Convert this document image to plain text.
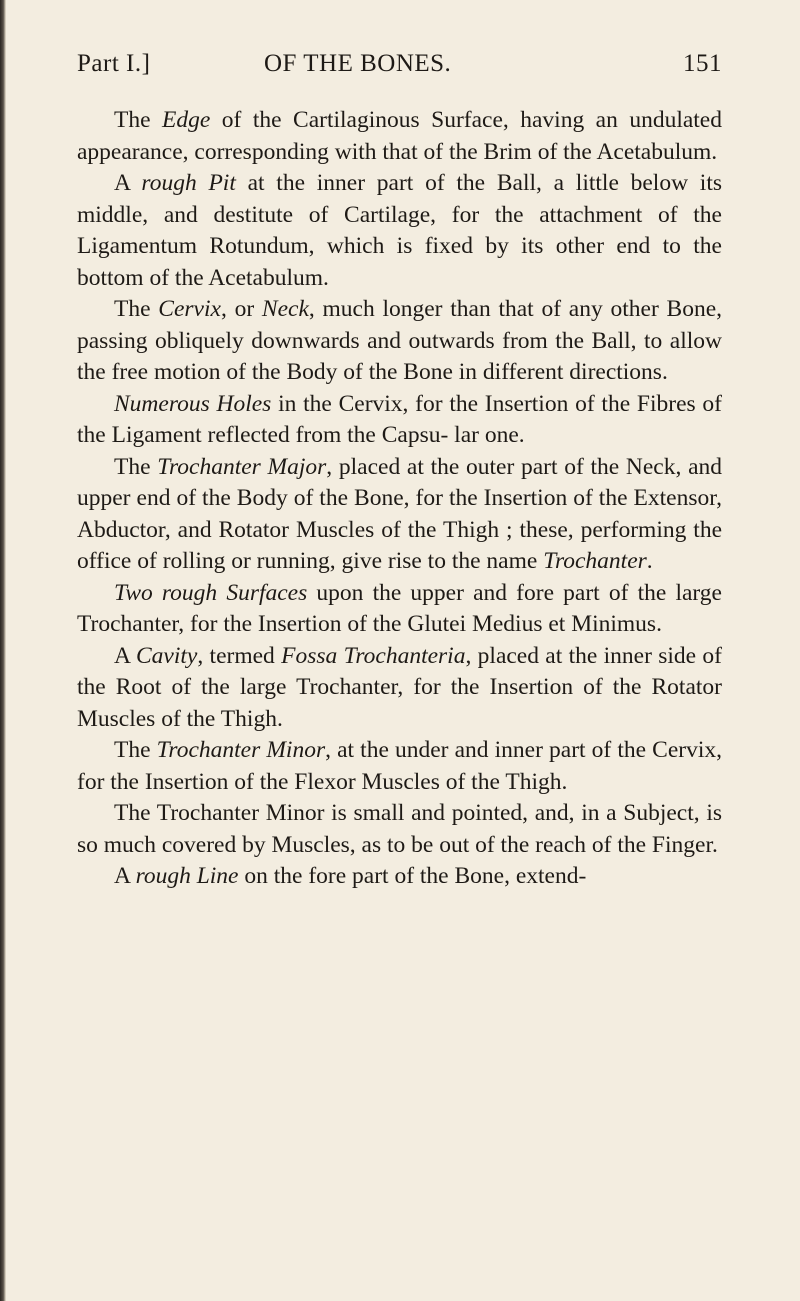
Part I.]	OF THE BONES.	151

The Edge of the Cartilaginous Surface, having an undulated appearance, corresponding with that of the Brim of the Acetabulum.

A rough Pit at the inner part of the Ball, a little below its middle, and destitute of Cartilage, for the attachment of the Ligamentum Rotundum, which is fixed by its other end to the bottom of the Acetabulum.

The Cervix, or Neck, much longer than that of any other Bone, passing obliquely downwards and outwards from the Ball, to allow the free motion of the Body of the Bone in different directions.

Numerous Holes in the Cervix, for the Insertion of the Fibres of the Ligament reflected from the Capsu- lar one.

The Trochanter Major, placed at the outer part of the Neck, and upper end of the Body of the Bone, for the Insertion of the Extensor, Abductor, and Rotator Muscles of the Thigh ; these, performing the office of rolling or running, give rise to the name Trochanter.

Two rough Surfaces upon the upper and fore part of the large Trochanter, for the Insertion of the Glutei Medius et Minimus.

A Cavity, termed Fossa Trochanteria, placed at the inner side of the Root of the large Trochanter, for the Insertion of the Rotator Muscles of the Thigh.

The Trochanter Minor, at the under and inner part of the Cervix, for the Insertion of the Flexor Muscles of the Thigh.

The Trochanter Minor is small and pointed, and, in a Subject, is so much covered by Muscles, as to be out of the reach of the Finger.

A rough Line on the fore part of the Bone, extend-
